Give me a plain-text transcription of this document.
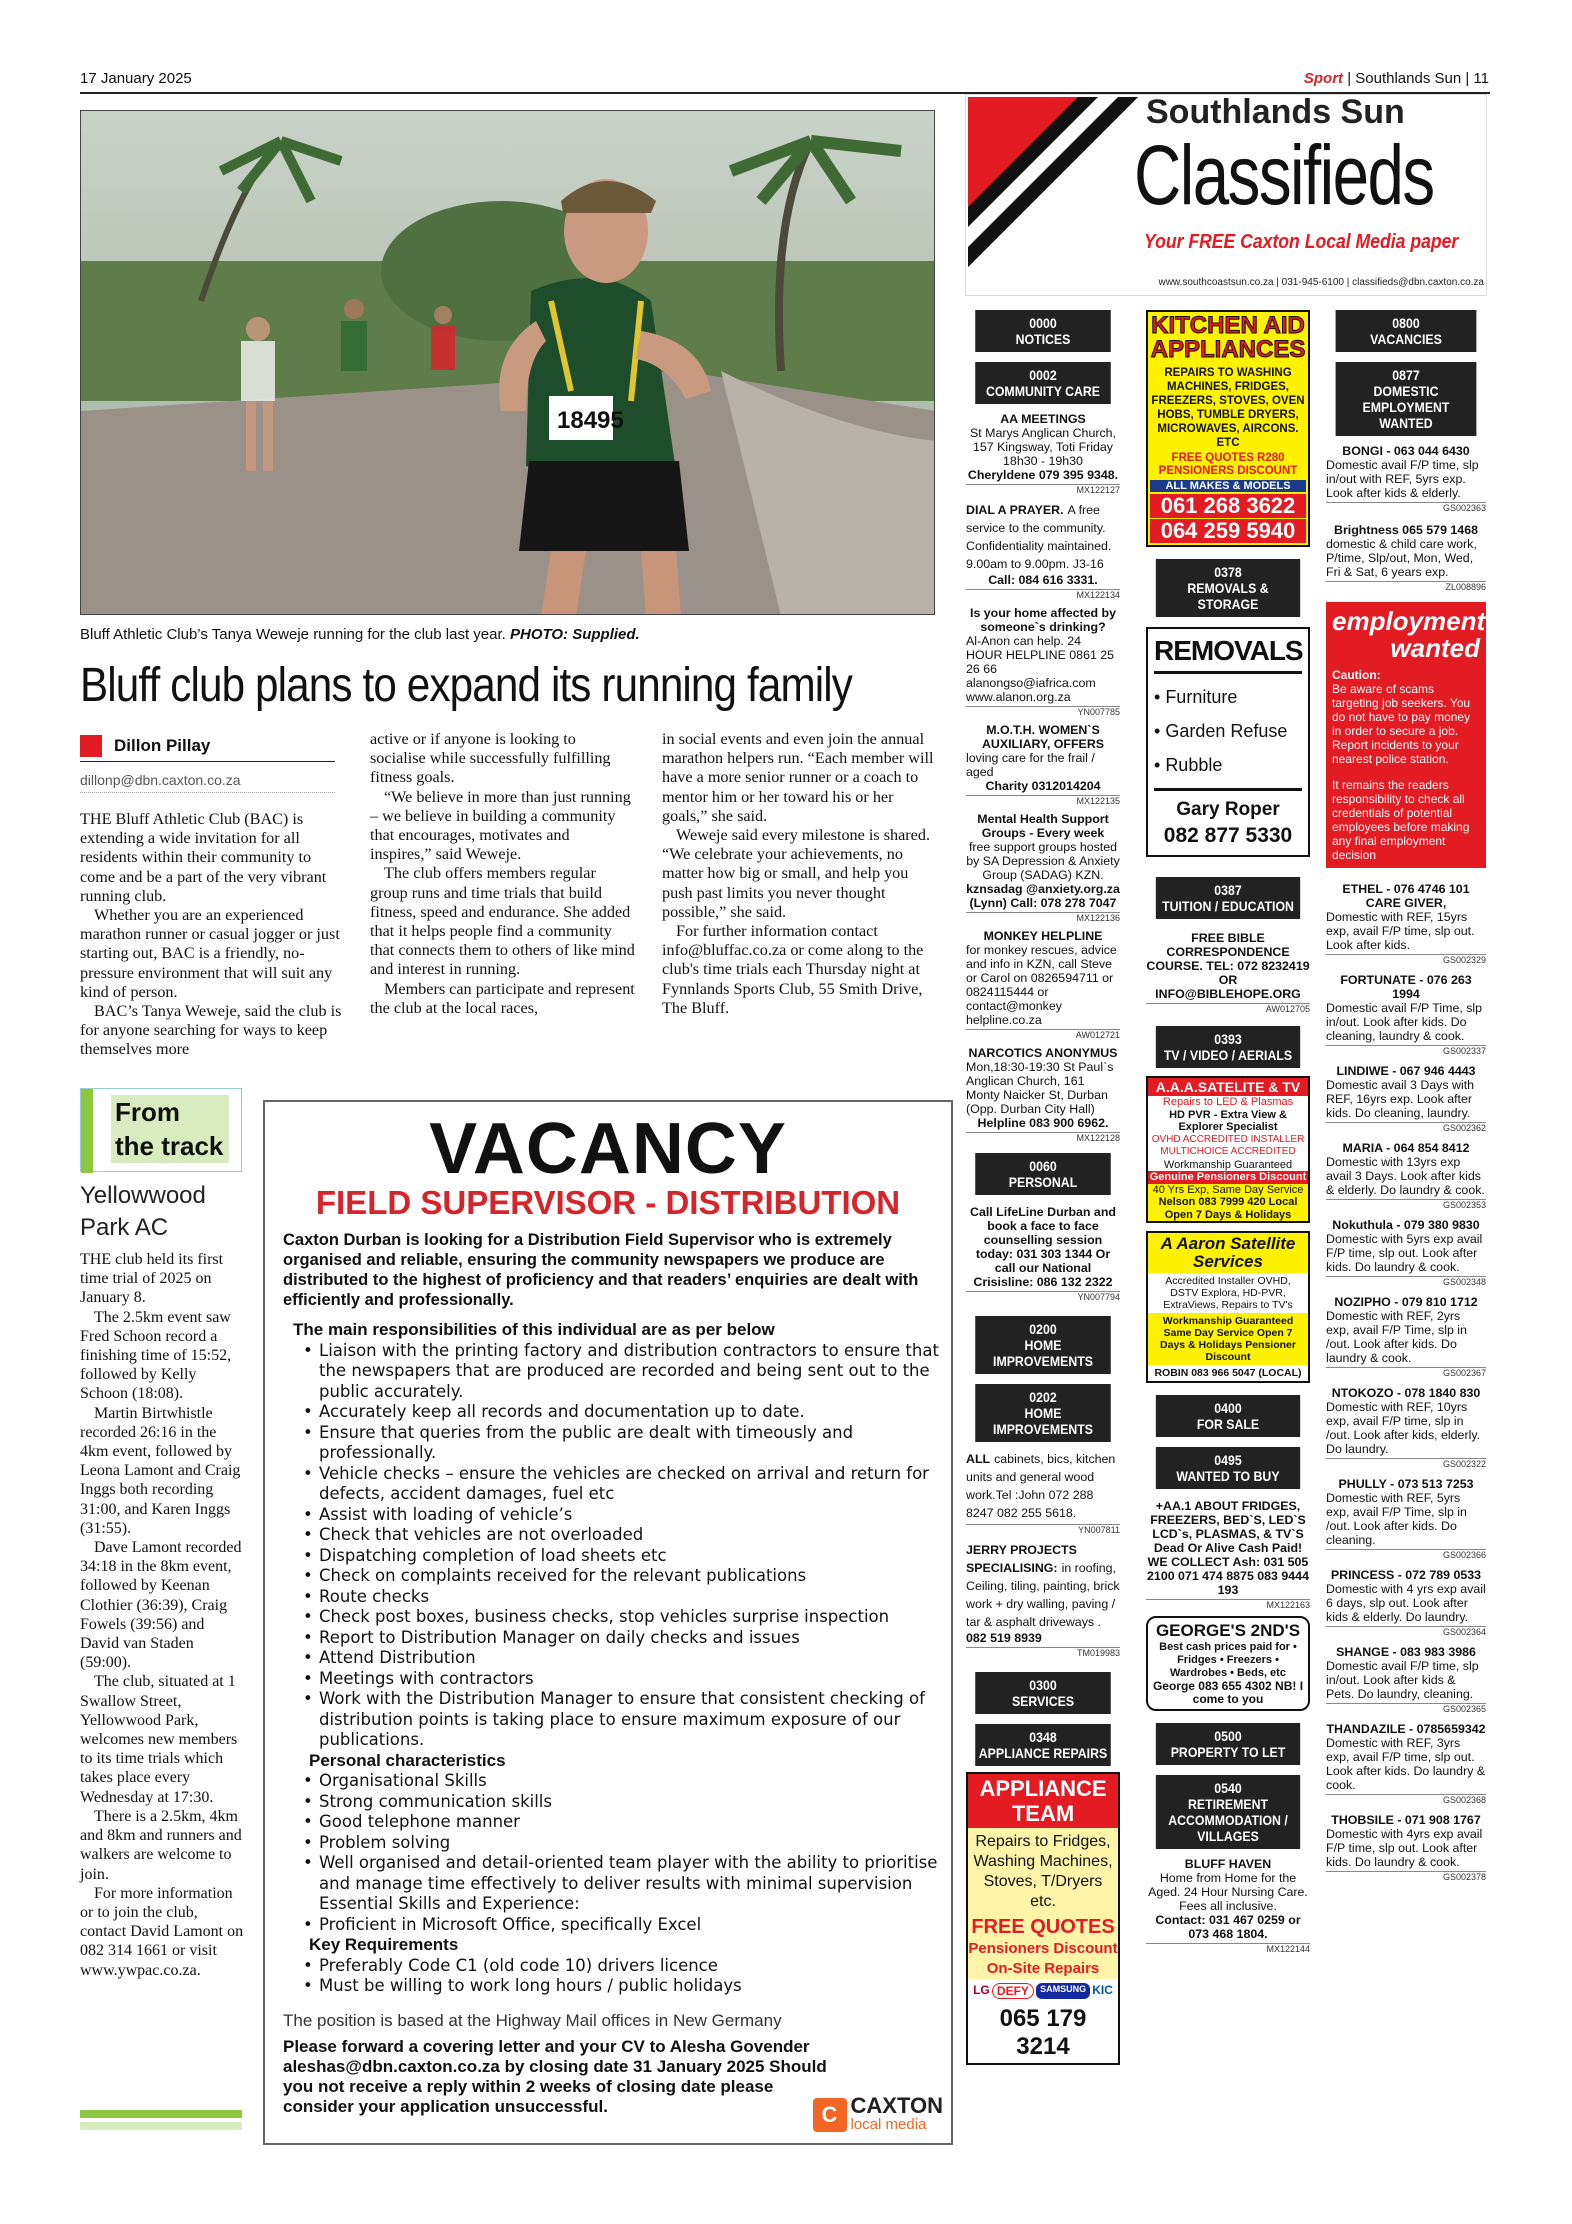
17 January 2025	Sport | Southlands Sun | 11
18495
Bluff Athletic Club’s Tanya Weweje running for the club last year. PHOTO: Supplied.
Bluff club plans to expand its running family
Dillon Pillay
dillonp@dbn.caxton.co.za

THE Bluff Athletic Club (BAC) is extending a wide invitation for all residents within their community to come and be a part of the very vibrant running club.

Whether you are an experienced marathon runner or casual jogger or just starting out, BAC is a friendly, no-pressure environment that will suit any kind of person.

BAC’s Tanya Weweje, said the club is for anyone searching for ways to keep themselves more

active or if anyone is looking to socialise while successfully fulfilling fitness goals.

“We believe in more than just running – we believe in building a community that encourages, motivates and inspires,” said Weweje.

The club offers members regular group runs and time trials that build fitness, speed and endurance. She added that it helps people find a community that connects them to others of like mind and interest in running.

Members can participate and represent the club at the local races,

in social events and even join the annual marathon helpers run. “Each member will have a more senior runner or a coach to mentor him or her toward his or her goals,” she said.

Weweje said every milestone is shared. “We celebrate your achievements, no matter how big or small, and help you push past limits you never thought possible,” she said.

For further information contact info@bluffac.co.za or come along to the club's time trials each Thursday night at Fynnlands Sports Club, 55 Smith Drive, The Bluff.

From the track
Yellowwood Park AC

THE club held its first time trial of 2025 on January 8.

The 2.5km event saw Fred Schoon record a finishing time of 15:52, followed by Kelly Schoon (18:08).

Martin Birtwhistle recorded 26:16 in the 4km event, followed by Leona Lamont and Craig Inggs both recording 31:00, and Karen Inggs (31:55).

Dave Lamont recorded 34:18 in the 8km event, followed by Keenan Clothier (36:39), Craig Fowels (39:56) and David van Staden (59:00).

The club, situated at 1 Swallow Street, Yellowwood Park, welcomes new members to its time trials which takes place every Wednesday at 17:30.

There is a 2.5km, 4km and 8km and runners and walkers are welcome to join.

For more information or to join the club, contact David Lamont on 082 314 1661 or visit www.ywpac.co.za.

VACANCY
FIELD SUPERVISOR - DISTRIBUTION
Caxton Durban is looking for a Distribution Field Supervisor who is extremely organised and reliable, ensuring the community newspapers we produce are distributed to the highest of proficiency and that readers’ enquiries are dealt with efficiently and professionally.
The main responsibilities of this individual are as per below
• Liaison with the printing factory and distribution contractors to ensure that the newspapers that are produced are recorded and being sent out to the public accurately.
• Accurately keep all records and documentation up to date.
• Ensure that queries from the public are dealt with timeously and professionally.
• Vehicle checks – ensure the vehicles are checked on arrival and return for defects, accident damages, fuel etc
• Assist with loading of vehicle’s
• Check that vehicles are not overloaded
• Dispatching completion of load sheets etc
• Check on complaints received for the relevant publications
• Route checks
• Check post boxes, business checks, stop vehicles surprise inspection
• Report to Distribution Manager on daily checks and issues
• Attend Distribution
• Meetings with contractors
• Work with the Distribution Manager to ensure that consistent checking of distribution points is taking place to ensure maximum exposure of our publications.
Personal characteristics
• Organisational Skills
• Strong communication skills
• Good telephone manner
• Problem solving
• Well organised and detail-oriented team player with the ability to prioritise and manage time effectively to deliver results with minimal supervision Essential Skills and Experience:
• Proficient in Microsoft Office, specifically Excel
Key Requirements
• Preferably Code C1 (old code 10) drivers licence
• Must be willing to work long hours / public holidays
The position is based at the Highway Mail offices in New Germany
Please forward a covering letter and your CV to Alesha Govender aleshas@dbn.caxton.co.za by closing date 31 January 2025 Should you not receive a reply within 2 weeks of closing date please consider your application unsuccessful.	C CAXTON
local media
Southlands Sun
Classifieds
Your FREE Caxton Local Media paper
www.southcoastsun.co.za | 031-945-6100 | classifieds@dbn.caxton.co.za
0000
NOTICES
0002
COMMUNITY CARE
AA MEETINGS
St Marys Anglican Church, 157 Kingsway, Toti Friday 18h30 - 19h30
Cheryldene 079 395 9348.
MX122127
DIAL A PRAYER. A free service to the community. Confidentiality maintained. 9.00am to 9.00pm. J3-16
Call: 084 616 3331.
MX122134
Is your home affected by someone`s drinking?
Al-Anon can help. 24 HOUR HELPLINE 0861 25 26 66 alanongso@iafrica.com www.alanon.org.za
YN007785
M.O.T.H. WOMEN`S AUXILIARY, OFFERS
loving care for the frail / aged
Charity 0312014204
MX122135
Mental Health Support Groups - Every week
free support groups hosted by SA Depression & Anxiety Group (SADAG) KZN.
kznsadag @anxiety.org.za (Lynn) Call: 078 278 7047
MX122136
MONKEY HELPLINE
for monkey rescues, advice and info in KZN, call Steve or Carol on 0826594711 or 0824115444 or contact@monkey helpline.co.za
AW012721
NARCOTICS ANONYMUS
Mon,18:30-19:30 St Paul`s Anglican Church, 161 Monty Naicker St, Durban (Opp. Durban City Hall)
Helpline 083 900 6962.
MX122128
0060
PERSONAL
Call LifeLine Durban and book a face to face counselling session today: 031 303 1344 Or call our National Crisisline: 086 132 2322
YN007794
0200
HOME IMPROVEMENTS
0202
HOME IMPROVEMENTS
ALL cabinets, bics, kitchen units and general wood work.Tel :John 072 288 8247 082 255 5618.
YN007811
JERRY PROJECTS SPECIALISING: in roofing, Ceiling, tiling, painting, brick work + dry walling, paving / tar & asphalt driveways .
082 519 8939
TM019983
0300
SERVICES
0348
APPLIANCE REPAIRS
APPLIANCE TEAM
Repairs to Fridges, Washing Machines, Stoves, T/Dryers etc.
FREE QUOTES
Pensioners Discount
On-Site Repairs
LG DEFY	SAMSUNG KIC
065 179 3214
KITCHEN AID APPLIANCES
REPAIRS TO WASHING MACHINES, FRIDGES, FREEZERS, STOVES, OVEN HOBS, TUMBLE DRYERS, MICROWAVES, AIRCONS. ETC
FREE QUOTES R280 PENSIONERS DISCOUNT
ALL MAKES & MODELS
061 268 3622
064 259 5940
0378
REMOVALS & STORAGE
REMOVALS
• Furniture
• Garden Refuse
• Rubble
Gary Roper
082 877 5330
0387
TUITION / EDUCATION
FREE BIBLE CORRESPONDENCE COURSE. TEL: 072 8232419 OR INFO@BIBLEHOPE.ORG
AW012705
0393
TV / VIDEO / AERIALS
A.A.A.SATELITE & TV
Repairs to LED & Plasmas
HD PVR - Extra View & Explorer Specialist
OVHD ACCREDITED INSTALLER MULTICHOICE ACCREDITED
Workmanship Guaranteed
Genuine Pensioners Discount
40 Yrs Exp, Same Day Service
Nelson 083 7999 420 Local Open 7 Days & Holidays
A Aaron Satellite Services
Accredited Installer OVHD, DSTV Explora, HD-PVR, ExtraViews, Repairs to TV's
Workmanship Guaranteed Same Day Service Open 7 Days & Holidays Pensioner Discount
ROBIN 083 966 5047 (LOCAL)
0400
FOR SALE
0495
WANTED TO BUY
+AA.1 ABOUT FRIDGES, FREEZERS, BED`S, LED`S LCD`s, PLASMAS, & TV`S
Dead Or Alive Cash Paid! WE COLLECT Ash: 031 505 2100 071 474 8875 083 9444 193
MX122163
GEORGE'S 2ND'S
Best cash prices paid for • Fridges • Freezers • Wardrobes • Beds, etc
George 083 655 4302 NB! I come to you
0500
PROPERTY TO LET
0540
RETIREMENT ACCOMMODATION / VILLAGES
BLUFF HAVEN
Home from Home for the Aged. 24 Hour Nursing Care. Fees all inclusive.
Contact: 031 467 0259 or 073 468 1804.
MX122144
0800
VACANCIES
0877
DOMESTIC EMPLOYMENT WANTED
BONGI - 063 044 6430
Domestic avail F/P time, slp in/out with REF, 5yrs exp. Look after kids & elderly.
GS002363
Brightness 065 579 1468
domestic & child care work, P/time, Slp/out, Mon, Wed, Fri & Sat, 6 years exp.
ZL008896
employment
wanted
Caution:
Be aware of scams targeting job seekers. You do not have to pay money in order to secure a job. Report incidents to your nearest police station.
It remains the readers responsibility to check all credentials of potential employees before making any final employment decision
ETHEL - 076 4746 101 CARE GIVER,
Domestic with REF, 15yrs exp, avail F/P time, slp out. Look after kids.
GS002329
FORTUNATE - 076 263 1994
Domestic avail F/P Time, slp in/out. Look after kids. Do cleaning, laundry & cook.
GS002337
LINDIWE - 067 946 4443
Domestic avail 3 Days with REF, 16yrs exp. Look after kids. Do cleaning, laundry.
GS002362
MARIA - 064 854 8412
Domestic with 13yrs exp avail 3 Days. Look after kids & elderly. Do laundry & cook.
GS002353
Nokuthula - 079 380 9830
Domestic with 5yrs exp avail F/P time, slp out. Look after kids. Do laundry & cook.
GS002348
NOZIPHO - 079 810 1712
Domestic with REF, 2yrs exp, avail F/P Time, slp in /out. Look after kids. Do laundry & cook.
GS002367
NTOKOZO - 078 1840 830
Domestic with REF, 10yrs exp, avail F/P time, slp in /out. Look after kids, elderly. Do laundry.
GS002322
PHULLY - 073 513 7253
Domestic with REF, 5yrs exp, avail F/P Time, slp in /out. Look after kids. Do cleaning.
GS002366
PRINCESS - 072 789 0533
Domestic with 4 yrs exp avail 6 days, slp out. Look after kids & elderly. Do laundry.
GS002364
SHANGE - 083 983 3986
Domestic avail F/P time, slp in/out. Look after kids & Pets. Do laundry, cleaning.
GS002365
THANDAZILE - 0785659342
Domestic with REF, 3yrs exp, avail F/P time, slp out. Look after kids. Do laundry & cook.
GS002368
THOBSILE - 071 908 1767
Domestic with 4yrs exp avail F/P time, slp out. Look after kids. Do laundry & cook.
GS002378
